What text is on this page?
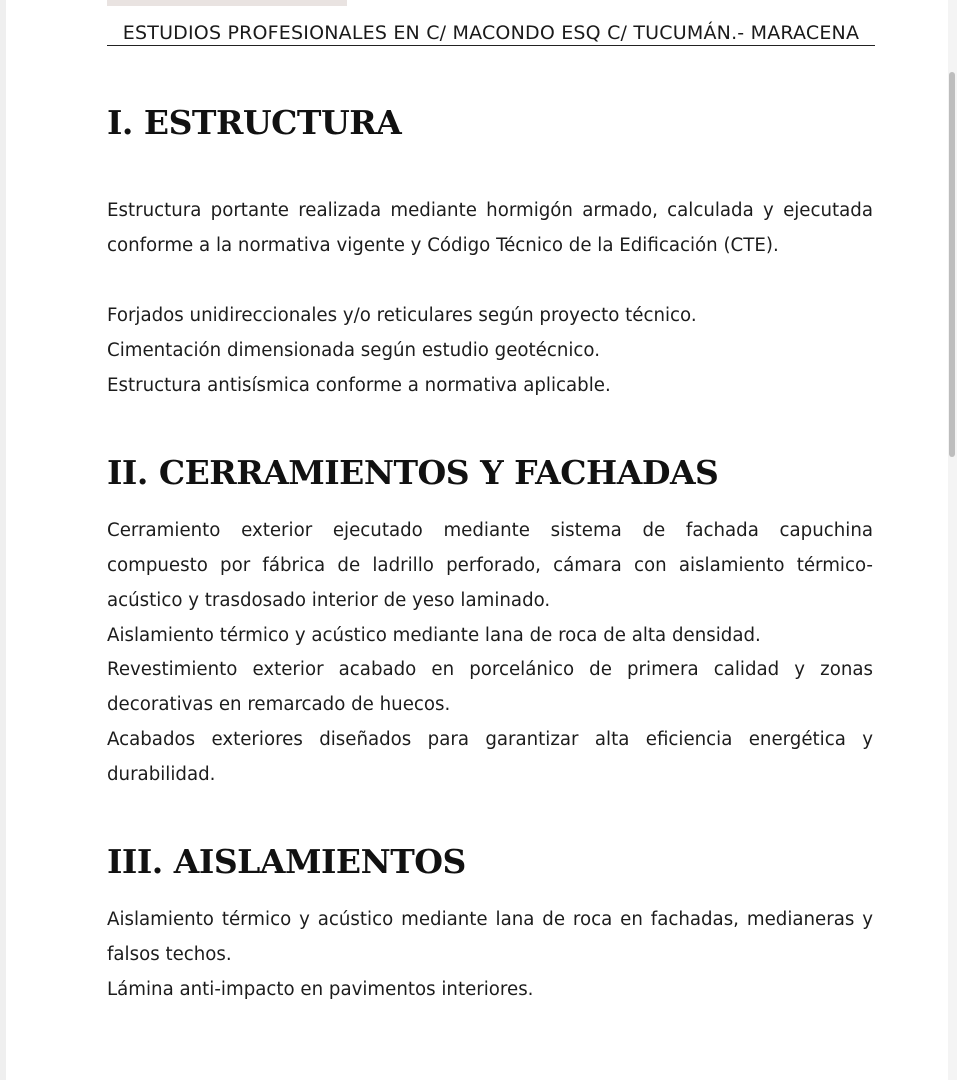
ESTUDIOS PROFESIONALES EN C/ MACONDO ESQ C/ TUCUMÁN.- MARACENA
I. ESTRUCTURA

Estructura portante realizada mediante hormigón armado, calculada y ejecutada conforme a la normativa vigente y Código Técnico de la Edificación (CTE).

Forjados unidireccionales y/o reticulares según proyecto técnico.

Cimentación dimensionada según estudio geotécnico.

Estructura antisísmica conforme a normativa aplicable.

II. CERRAMIENTOS Y FACHADAS

Cerramiento exterior ejecutado mediante sistema de fachada capuchina compuesto por fábrica de ladrillo perforado, cámara con aislamiento térmico-acústico y trasdosado interior de yeso laminado.

Aislamiento térmico y acústico mediante lana de roca de alta densidad.

Revestimiento exterior acabado en porcelánico de primera calidad y zonas decorativas en remarcado de huecos.

Acabados exteriores diseñados para garantizar alta eficiencia energética y durabilidad.

III. AISLAMIENTOS

Aislamiento térmico y acústico mediante lana de roca en fachadas, medianeras y falsos techos.

Lámina anti-impacto en pavimentos interiores.
